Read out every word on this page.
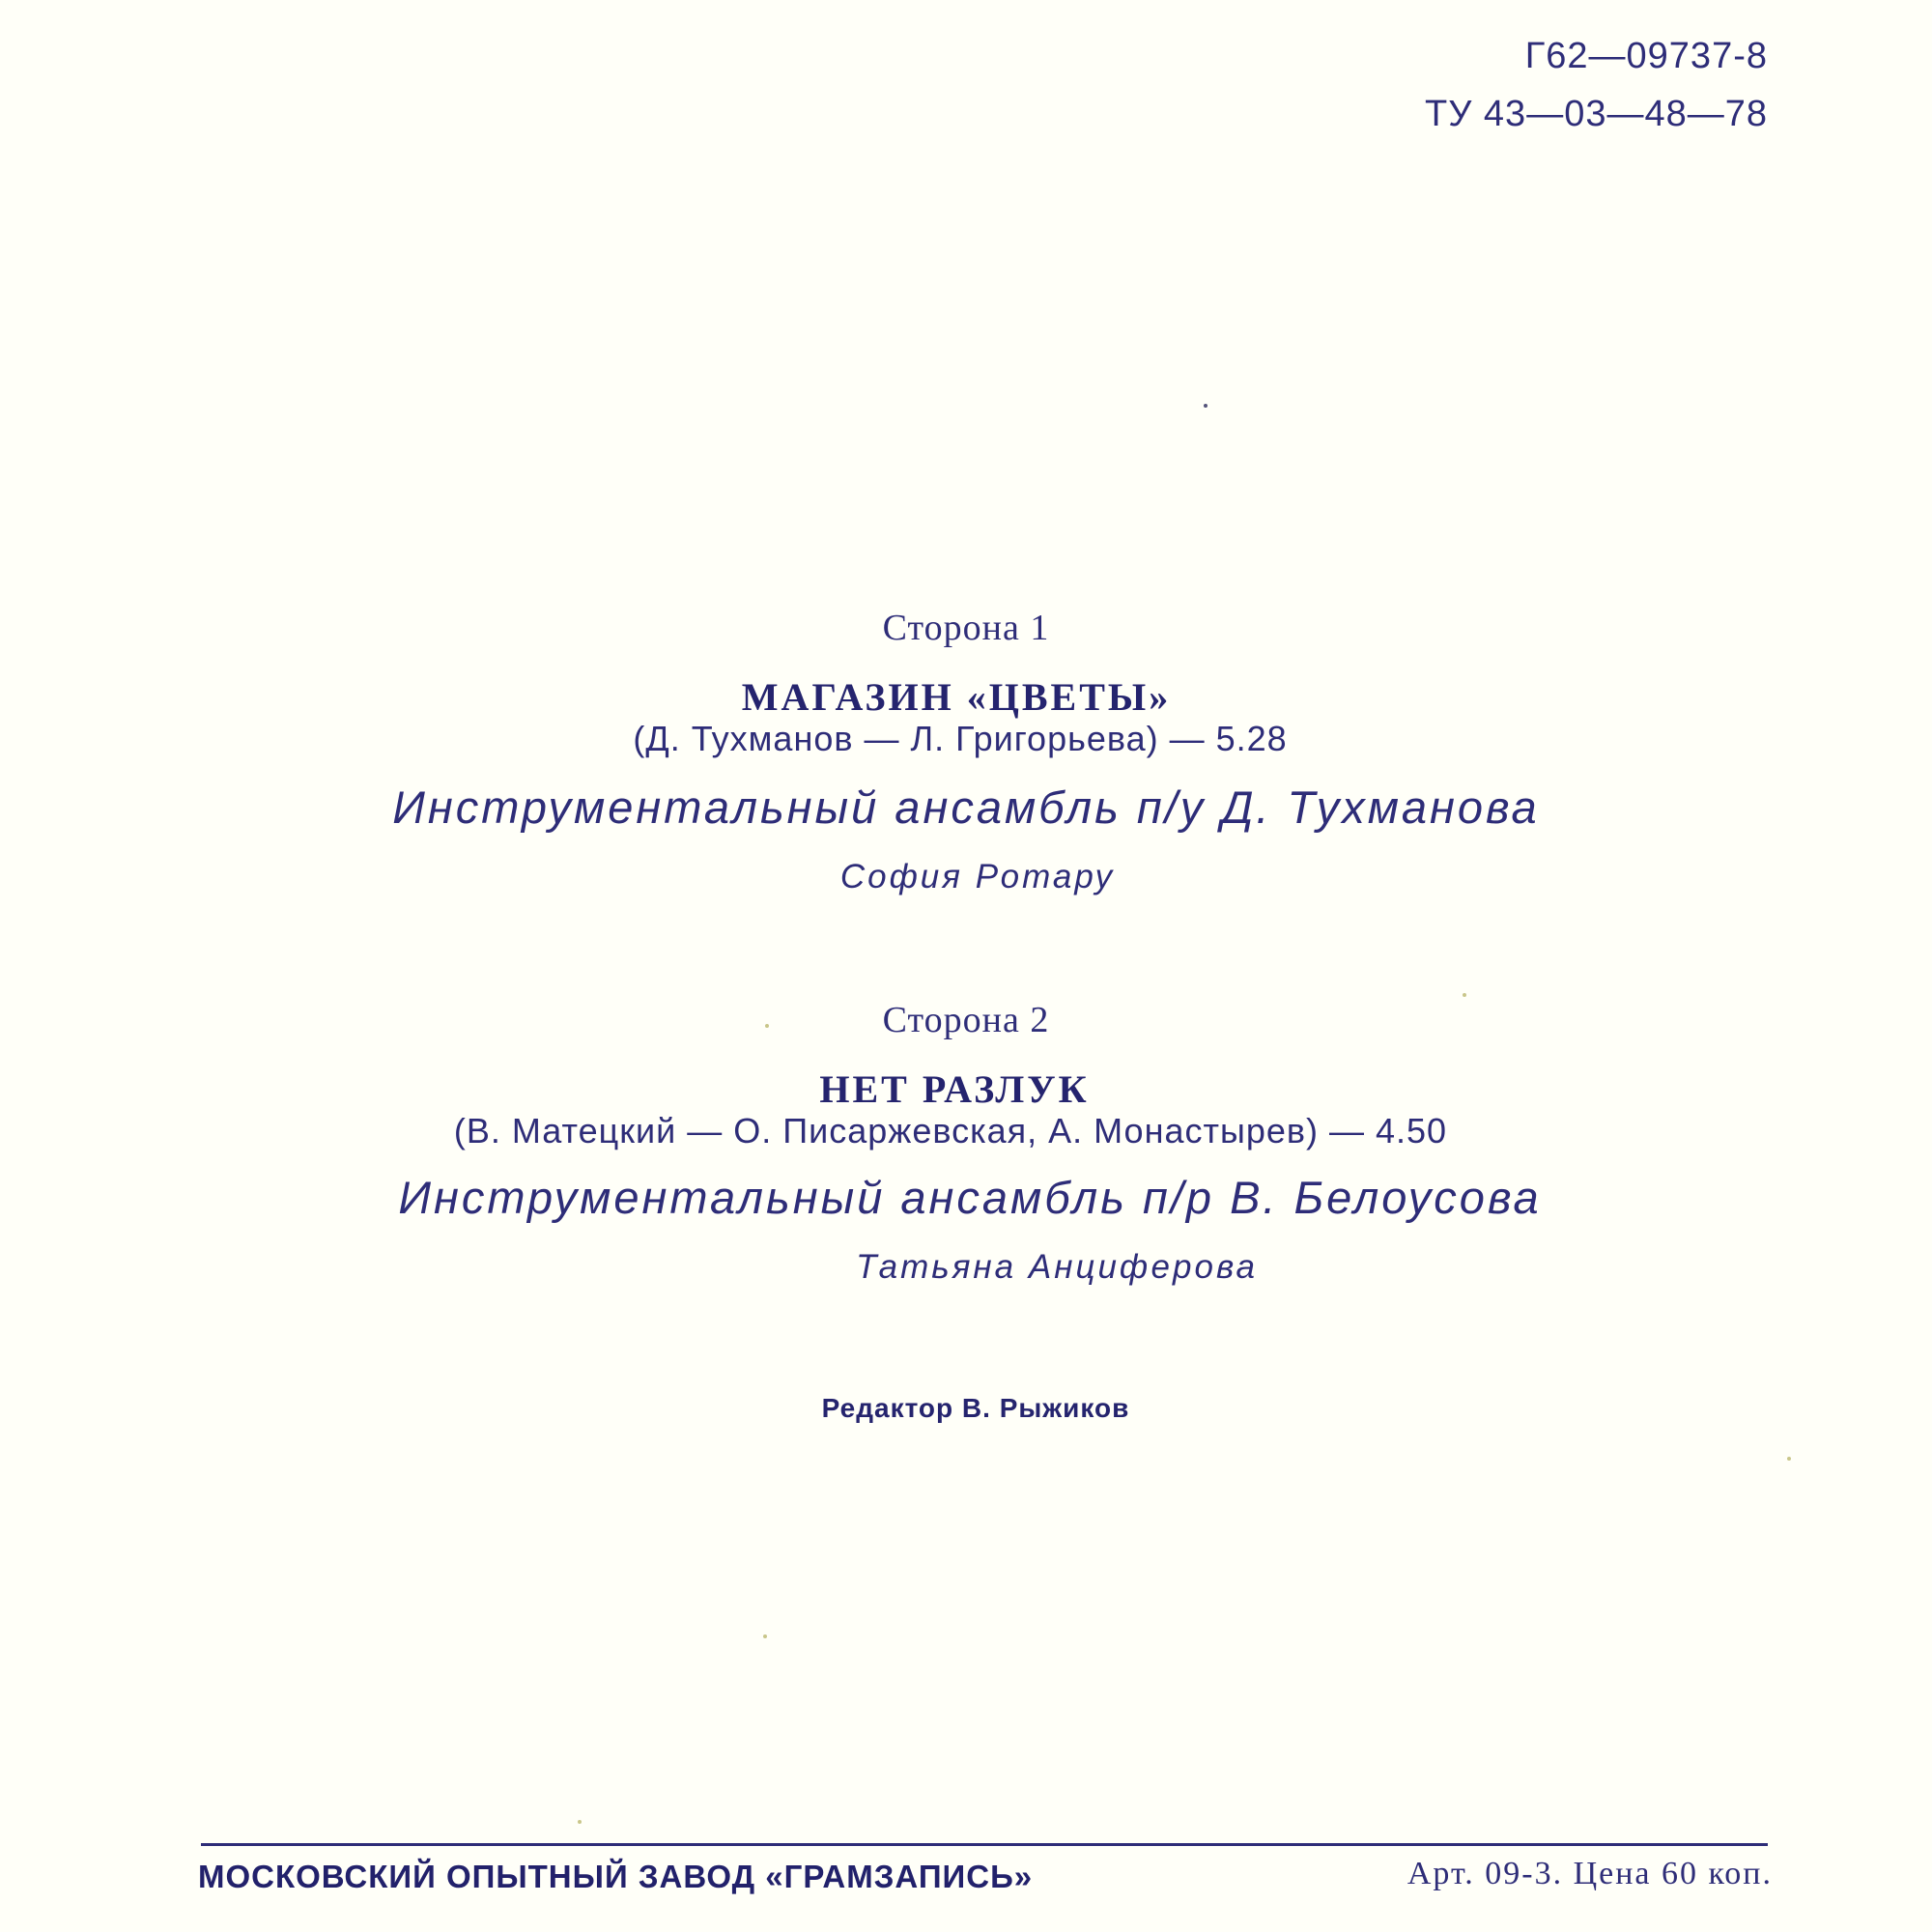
Г62—09737-8
ТУ 43—03—48—78
Сторона 1
МАГАЗИН «ЦВЕТЫ»
(Д. Тухманов — Л. Григорьева) — 5.28
Инструментальный ансамбль п/у Д. Тухманова
София Ротару
Сторона 2
НЕТ РАЗЛУК
(В. Матецкий — О. Писаржевская, А. Монастырев) — 4.50
Инструментальный ансамбль п/р В. Белоусова
Татьяна Анциферова
Редактор В. Рыжиков
МОСКОВСКИЙ ОПЫТНЫЙ ЗАВОД «ГРАМЗАПИСЬ»	Арт. 09-3. Цена 60 коп.
